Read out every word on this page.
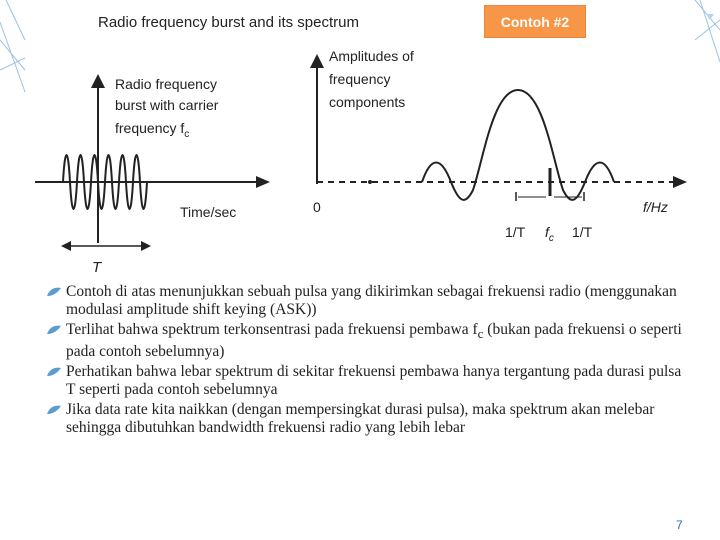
Radio frequency burst and its spectrum
Radio frequency
burst with carrier
frequency $f_c$
Time/sec
T
Amplitudes of
frequency
components
0
1/T $f_c$ 1/T
f/Hz
Contoh #2
Contoh di atas menunjukkan sebuah pulsa yang dikirimkan sebagai frekuensi radio (menggunakan modulasi amplitude shift keying (ASK))
Terlihat bahwa spektrum terkonsentrasi pada frekuensi pembawa $f_c$ (bukan pada frekuensi o seperti pada contoh sebelumnya)
Perhatikan bahwa lebar spektrum di sekitar frekuensi pembawa hanya tergantung pada durasi pulsa T seperti pada contoh sebelumnya
Jika data rate kita naikkan (dengan mempersingkat durasi pulsa), maka spektrum akan melebar sehingga dibutuhkan bandwidth frekuensi radio yang lebih lebar
7
